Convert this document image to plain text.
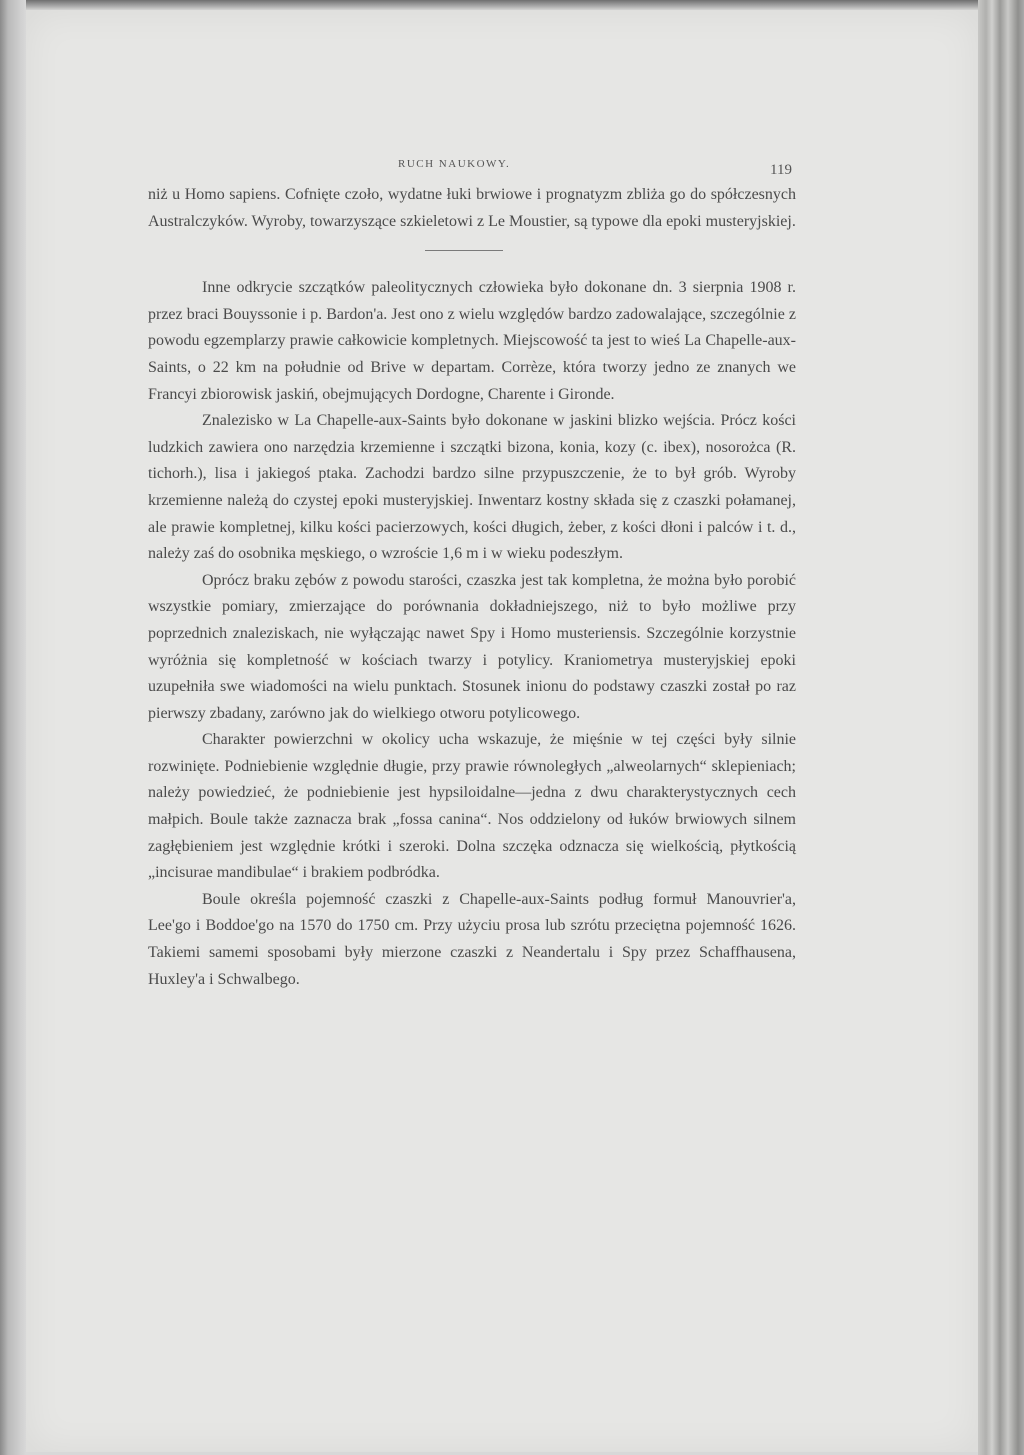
RUCH NAUKOWY.	119

niż u Homo sapiens. Cofnięte czoło, wydatne łuki brwiowe i prognatyzm zbliża go do spółczesnych Australczyków. Wyroby, towarzyszące szkieletowi z Le Moustier, są typowe dla epoki musteryjskiej.

Inne odkrycie szczątków paleolitycznych człowieka było dokonane dn. 3 sierpnia 1908 r. przez braci Bouyssonie i p. Bardon'a. Jest ono z wielu względów bardzo zadowalające, szczególnie z powodu egzemplarzy prawie całkowicie kompletnych. Miejscowość ta jest to wieś La Chapelle-aux-Saints, o 22 km na południe od Brive w departam. Corrèze, która tworzy jedno ze znanych we Francyi zbiorowisk jaskiń, obejmujących Dordogne, Charente i Gironde.

Znalezisko w La Chapelle-aux-Saints było dokonane w jaskini blizko wejścia. Prócz kości ludzkich zawiera ono narzędzia krzemienne i szczątki bizona, konia, kozy (c. ibex), nosorożca (R. tichorh.), lisa i jakiegoś ptaka. Zachodzi bardzo silne przypuszczenie, że to był grób. Wyroby krzemienne należą do czystej epoki musteryjskiej. Inwentarz kostny składa się z czaszki połamanej, ale prawie kompletnej, kilku kości pacierzowych, kości długich, żeber, z kości dłoni i palców i t. d., należy zaś do osobnika męskiego, o wzroście 1,6 m i w wieku podeszłym.

Oprócz braku zębów z powodu starości, czaszka jest tak kompletna, że można było porobić wszystkie pomiary, zmierzające do porównania dokładniejszego, niż to było możliwe przy poprzednich znaleziskach, nie wyłączając nawet Spy i Homo musteriensis. Szczególnie korzystnie wyróżnia się kompletność w kościach twarzy i potylicy. Kraniometrya musteryjskiej epoki uzupełniła swe wiadomości na wielu punktach. Stosunek inionu do podstawy czaszki został po raz pierwszy zbadany, zarówno jak do wielkiego otworu potylicowego.

Charakter powierzchni w okolicy ucha wskazuje, że mięśnie w tej części były silnie rozwinięte. Podniebienie względnie długie, przy prawie równoległych „alweolarnych“ sklepieniach; należy powiedzieć, że podniebienie jest hypsiloidalne—jedna z dwu charakterystycznych cech małpich. Boule także zaznacza brak „fossa canina“. Nos oddzielony od łuków brwiowych silnem zagłębieniem jest względnie krótki i szeroki. Dolna szczęka odznacza się wielkością, płytkością „incisurae mandibulae“ i brakiem podbródka.

Boule określa pojemność czaszki z Chapelle-aux-Saints podług formuł Manouvrier'a, Lee'go i Boddoe'go na 1570 do 1750 cm. Przy użyciu prosa lub szrótu przeciętna pojemność 1626. Takiemi samemi sposobami były mierzone czaszki z Neandertalu i Spy przez Schaffhausena, Huxley'a i Schwalbego.
